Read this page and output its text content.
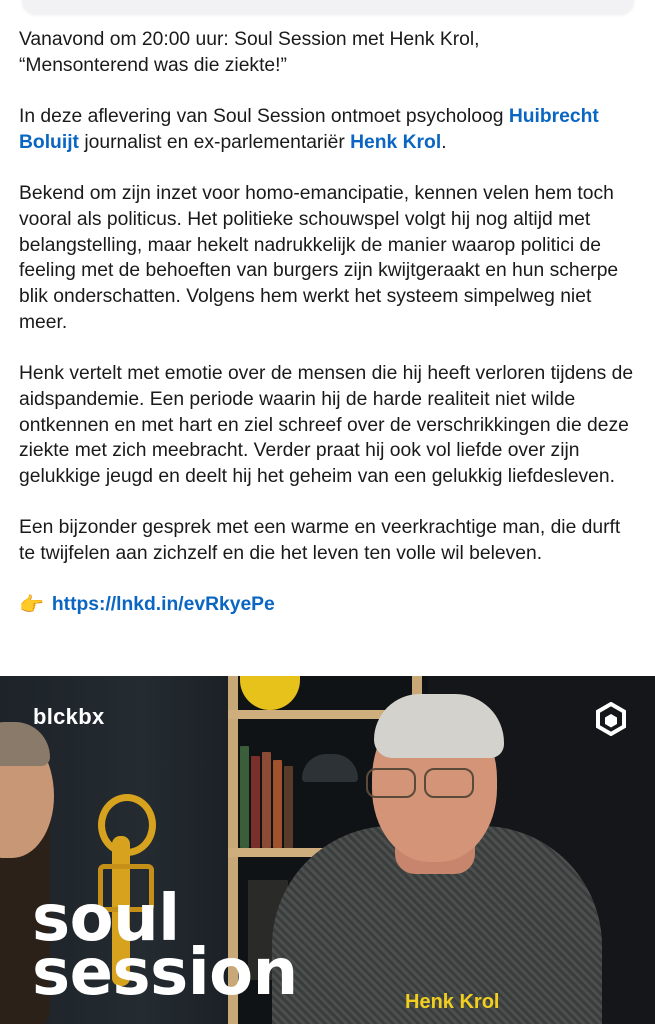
Vanavond om 20:00 uur: Soul Session met Henk Krol,
“Mensonterend was die ziekte!”

In deze aflevering van Soul Session ontmoet psycholoog Huibrecht Boluijt journalist en ex-parlementariër Henk Krol.

Bekend om zijn inzet voor homo-emancipatie, kennen velen hem toch vooral als politicus. Het politieke schouwspel volgt hij nog altijd met belangstelling, maar hekelt nadrukkelijk de manier waarop politici de feeling met de behoeften van burgers zijn kwijtgeraakt en hun scherpe blik onderschatten. Volgens hem werkt het systeem simpelweg niet meer.

Henk vertelt met emotie over de mensen die hij heeft verloren tijdens de aidspandemie. Een periode waarin hij de harde realiteit niet wilde ontkennen en met hart en ziel schreef over de verschrikkingen die deze ziekte met zich meebracht. Verder praat hij ook vol liefde over zijn gelukkige jeugd en deelt hij het geheim van een gelukkig liefdesleven.

Een bijzonder gesprek met een warme en veerkrachtige man, die durft te twijfelen aan zichzelf en die het leven ten volle wil beleven.

👉 https://lnkd.in/evRkyePe
blckbx
soul
session	Henk Krol
